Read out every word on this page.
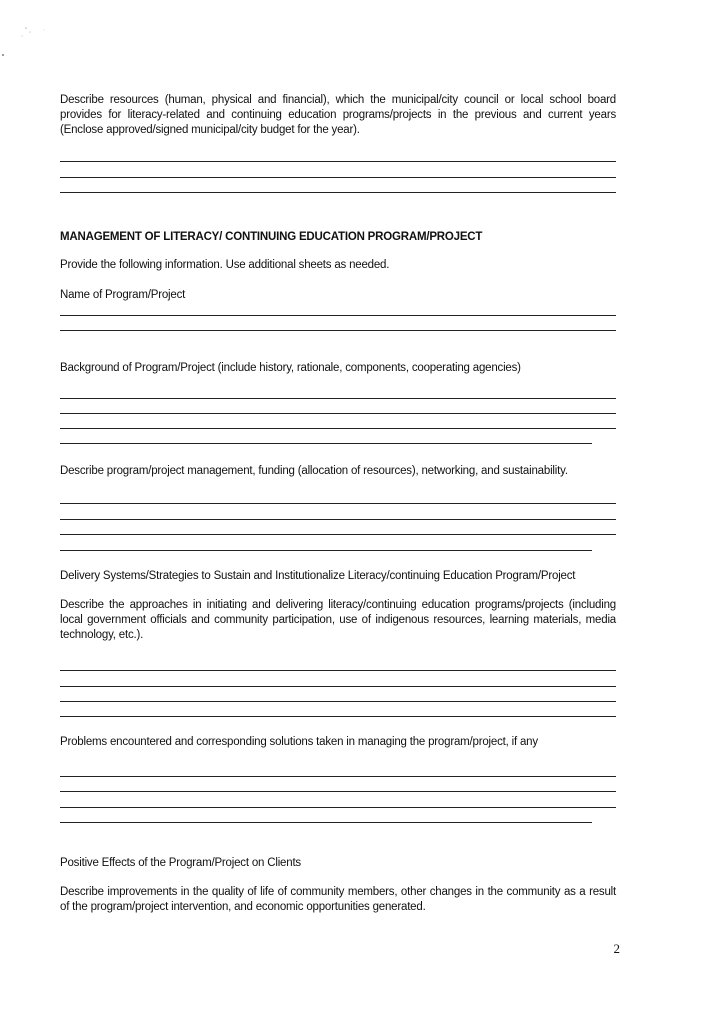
Describe resources (human, physical and financial), which the municipal/city council or local school board provides for literacy-related and continuing education programs/projects in the previous and current years (Enclose approved/signed municipal/city budget for the year).
MANAGEMENT OF LITERACY/ CONTINUING EDUCATION PROGRAM/PROJECT
Provide the following information. Use additional sheets as needed.
Name of Program/Project
Background of Program/Project (include history, rationale, components, cooperating agencies)
Describe program/project management, funding (allocation of resources), networking, and sustainability.
Delivery Systems/Strategies to Sustain and Institutionalize Literacy/continuing Education Program/Project
Describe the approaches in initiating and delivering literacy/continuing education programs/projects (including local government officials and community participation, use of indigenous resources, learning materials, media technology, etc.).
Problems encountered and corresponding solutions taken in managing the program/project, if any
Positive Effects of the Program/Project on Clients
Describe improvements in the quality of life of community members, other changes in the community as a result of the program/project intervention, and economic opportunities generated.
2
